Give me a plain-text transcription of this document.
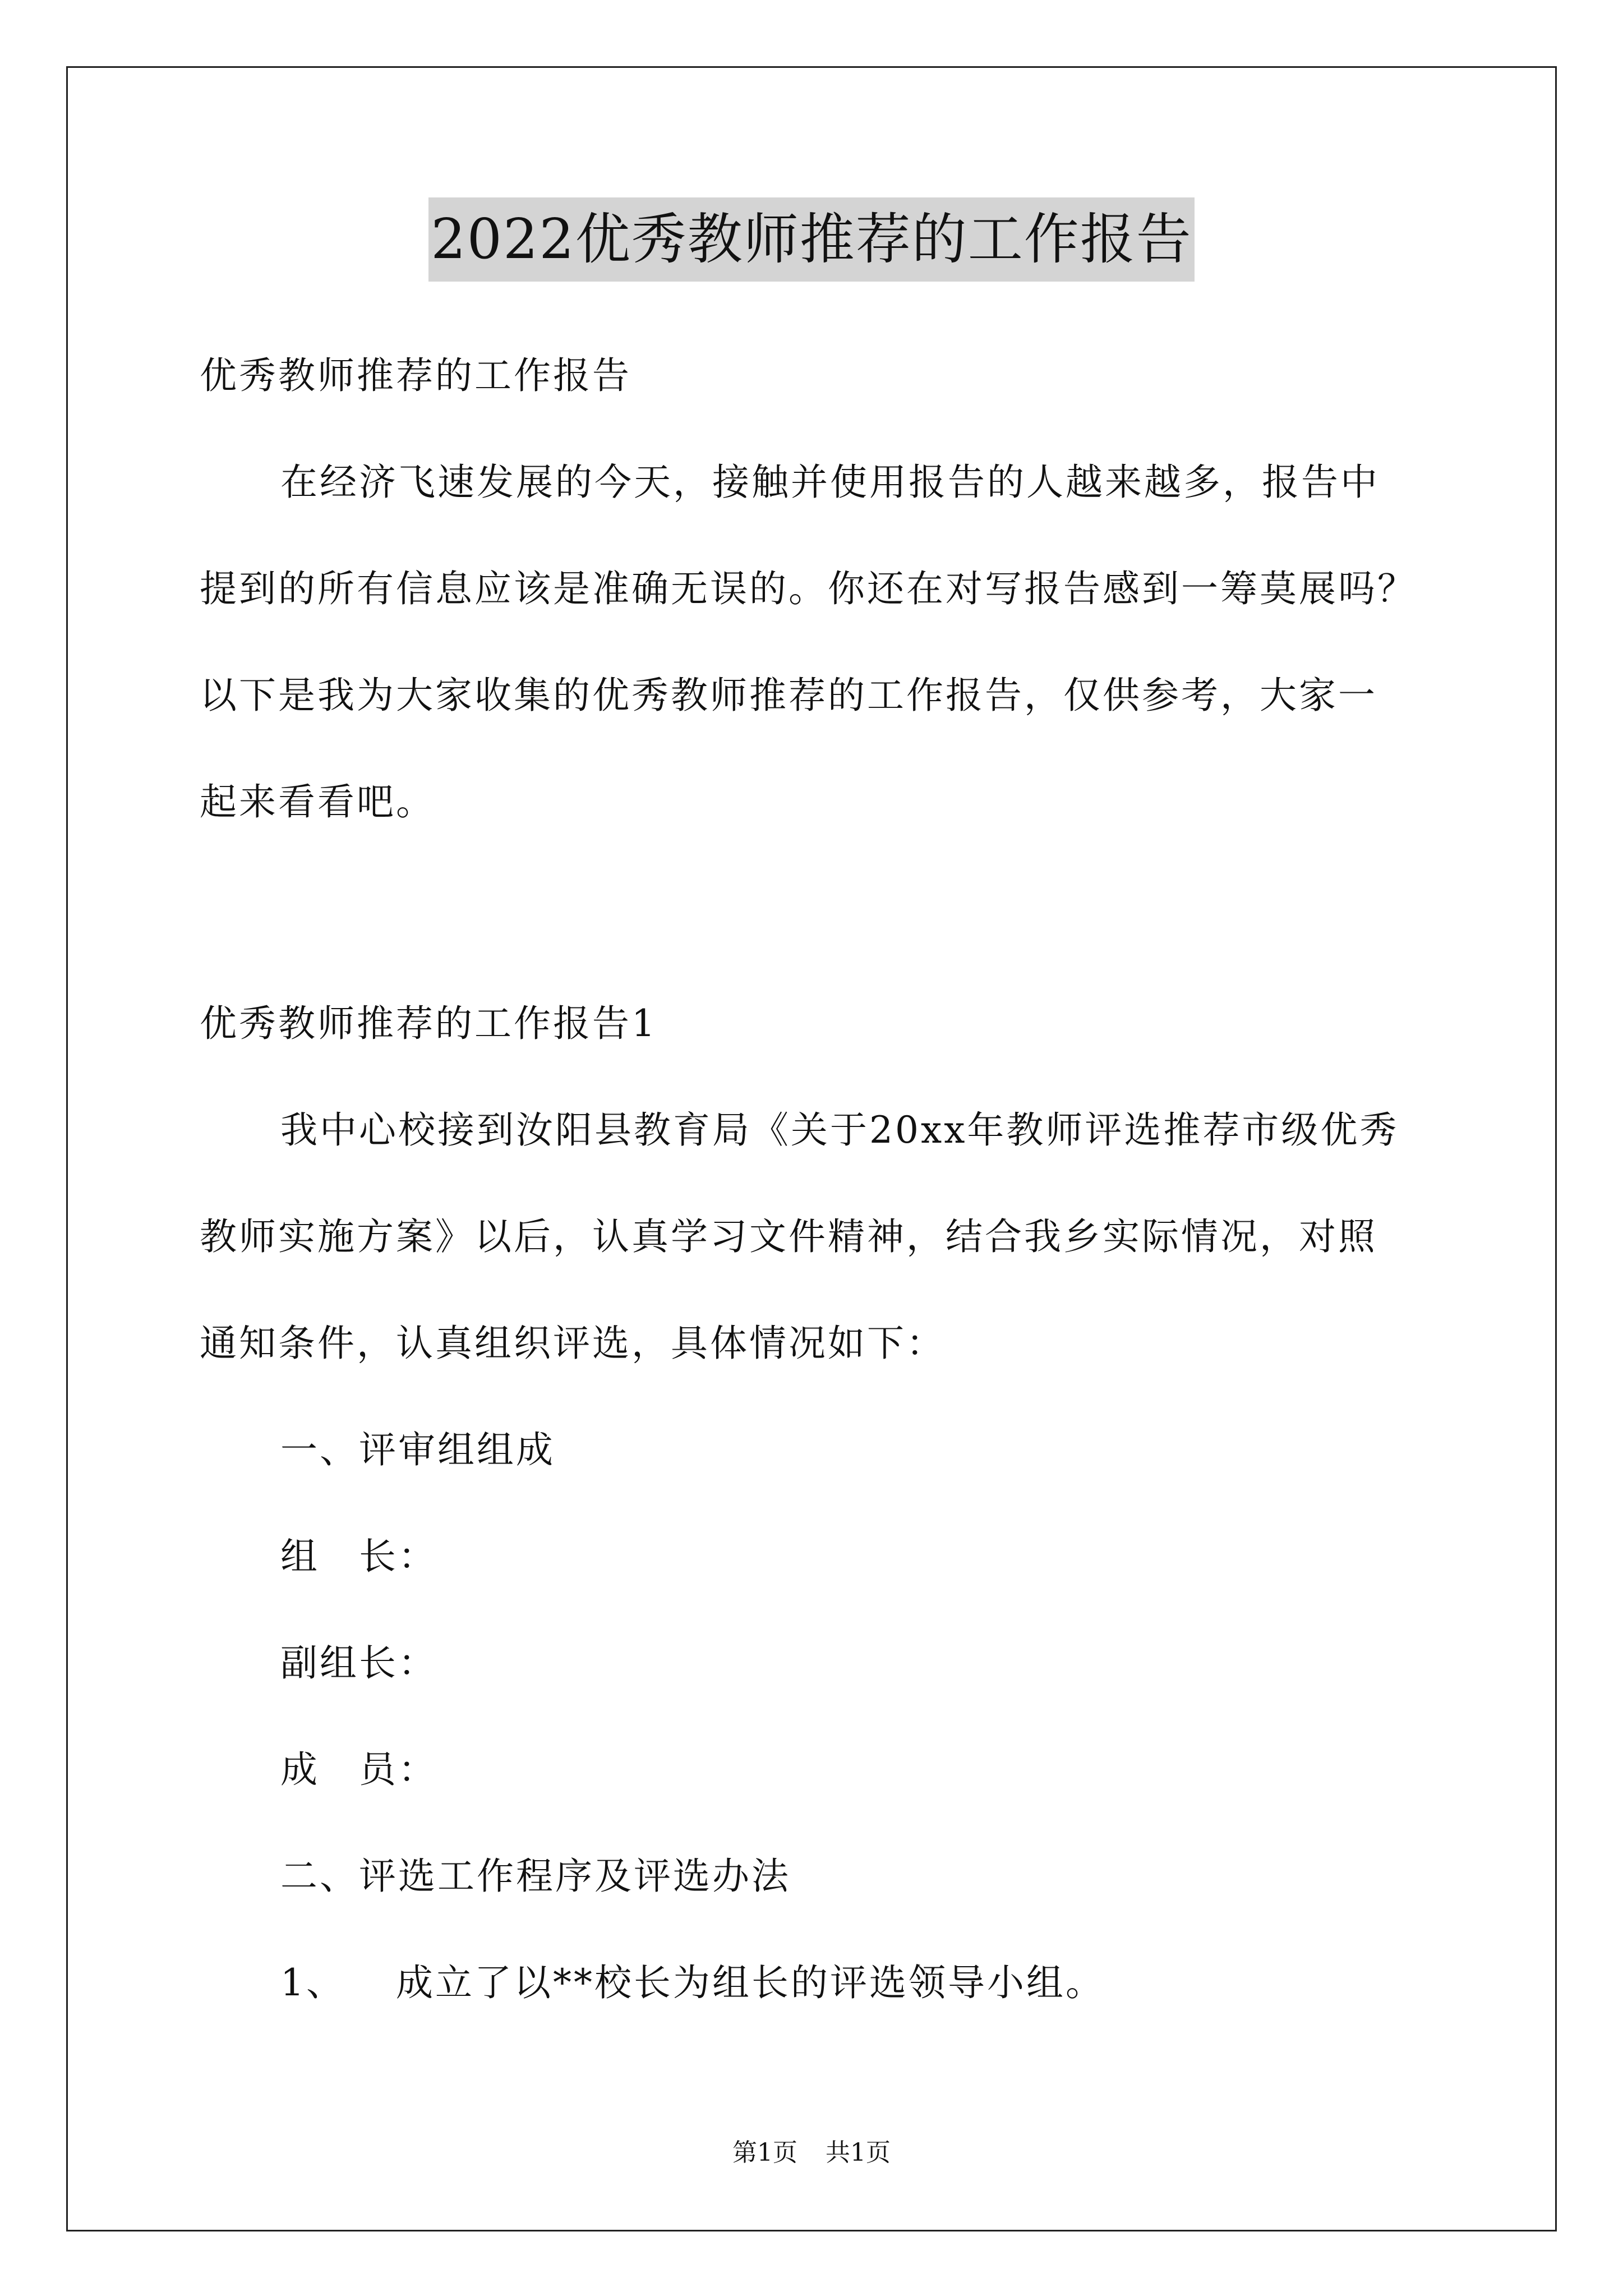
2022优秀教师推荐的工作报告
优秀教师推荐的工作报告
在经济飞速发展的今天，接触并使用报告的人越来越多，报告中
提到的所有信息应该是准确无误的。你还在对写报告感到一筹莫展吗？
以下是我为大家收集的优秀教师推荐的工作报告，仅供参考，大家一
起来看看吧。
优秀教师推荐的工作报告1
我中心校接到汝阳县教育局《关于20xx年教师评选推荐市级优秀
教师实施方案》以后，认真学习文件精神，结合我乡实际情况，对照
通知条件，认真组织评选，具体情况如下：
一、评审组组成
组　长：
副组长：
成　员：
二、评选工作程序及评选办法
1、 成立了以**校长为组长的评选领导小组。
第1页 共1页
